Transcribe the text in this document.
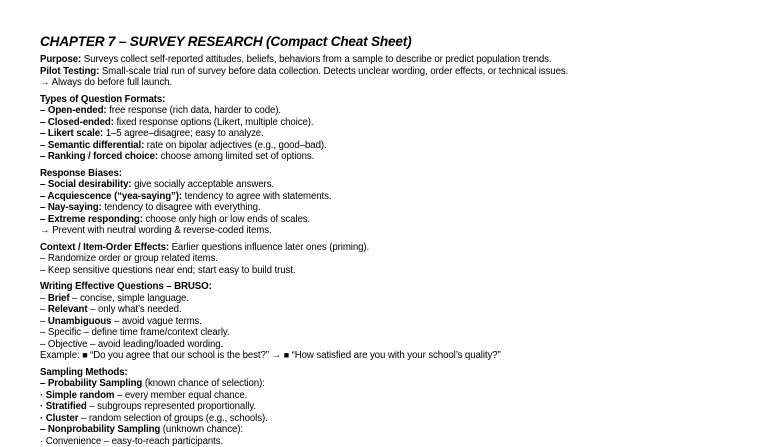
CHAPTER 7 – SURVEY RESEARCH (Compact Cheat Sheet)
Purpose: Surveys collect self-reported attitudes, beliefs, behaviors from a sample to describe or predict population trends.
Pilot Testing: Small-scale trial run of survey before data collection. Detects unclear wording, order effects, or technical issues.
→ Always do before full launch.
Types of Question Formats:
– Open-ended: free response (rich data, harder to code).
– Closed-ended: fixed response options (Likert, multiple choice).
– Likert scale: 1–5 agree–disagree; easy to analyze.
– Semantic differential: rate on bipolar adjectives (e.g., good–bad).
– Ranking / forced choice: choose among limited set of options.
Response Biases:
– Social desirability: give socially acceptable answers.
– Acquiescence (“yea-saying”): tendency to agree with statements.
– Nay-saying: tendency to disagree with everything.
– Extreme responding: choose only high or low ends of scales.
→ Prevent with neutral wording & reverse-coded items.
Context / Item-Order Effects: Earlier questions influence later ones (priming).
– Randomize order or group related items.
– Keep sensitive questions near end; start easy to build trust.
Writing Effective Questions – BRUSO:
– Brief – concise, simple language.
– Relevant – only what’s needed.
– Unambiguous – avoid vague terms.
– Specific – define time frame/context clearly.
– Objective – avoid leading/loaded wording.
Example: ■ “Do you agree that our school is the best?” → ■ “How satisfied are you with your school’s quality?”
Sampling Methods:
– Probability Sampling (known chance of selection):
· Simple random – every member equal chance.
· Stratified – subgroups represented proportionally.
· Cluster – random selection of groups (e.g., schools).
– Nonprobability Sampling (unknown chance):
· Convenience – easy-to-reach participants.
